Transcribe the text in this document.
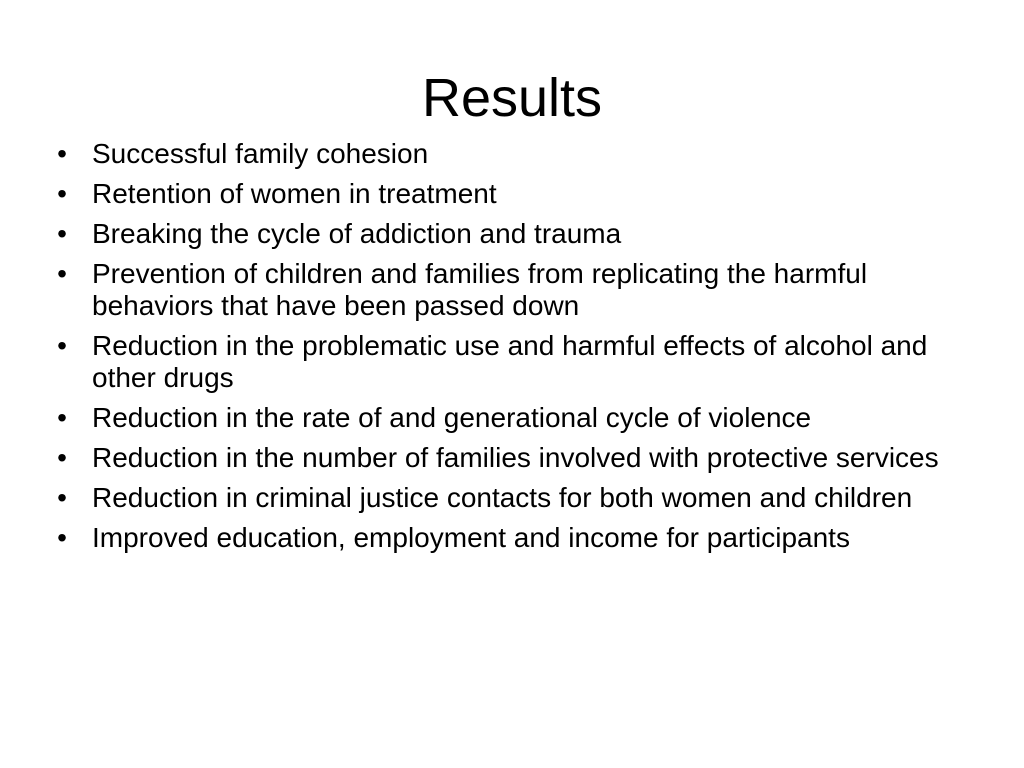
Results
• Successful family cohesion
• Retention of women in treatment
• Breaking the cycle of addiction and trauma
• Prevention of children and families from replicating the harmful behaviors that have been passed down
• Reduction in the problematic use and harmful effects of alcohol and other drugs
• Reduction in the rate of and generational cycle of violence
• Reduction in the number of families involved with protective services
• Reduction in criminal justice contacts for both women and children
• Improved education, employment and income for participants
